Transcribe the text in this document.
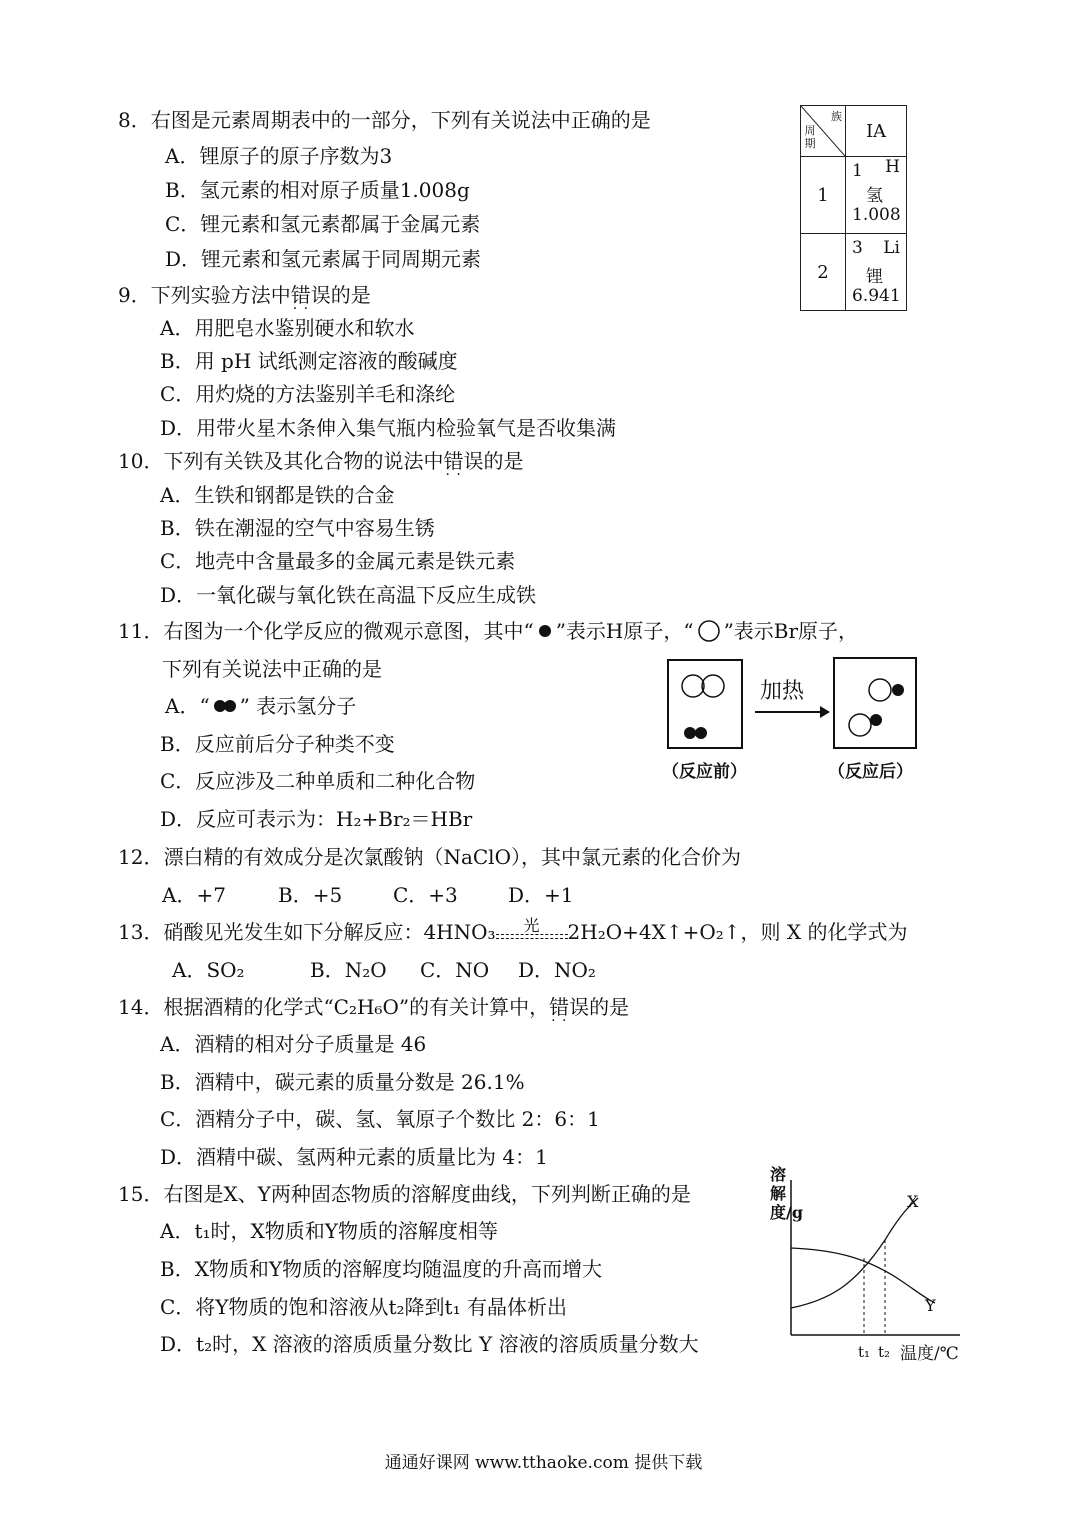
8．右图是元素周期表中的一部分，下列有关说法中正确的是
A．锂原子的原子序数为3
B．氢元素的相对原子质量1.008g
C．锂元素和氢元素都属于金属元素
D．锂元素和氢元素属于同周期元素
族
周期	IA
1	1 H
氢
1.008

2	3 Li
锂
6.941
9．下列实验方法中错误 · ·的是
A．用肥皂水鉴别硬水和软水
B．用 pH 试纸测定溶液的酸碱度
C．用灼烧的方法鉴别羊毛和涤纶
D．用带火星木条伸入集气瓶内检验氧气是否收集满
10．下列有关铁及其化合物的说法中错误 · ·的是
A．生铁和钢都是铁的合金
B．铁在潮湿的空气中容易生锈
C．地壳中含量最多的金属元素是铁元素
D．一氧化碳与氧化铁在高温下反应生成铁
11．右图为一个化学反应的微观示意图，其中“ ”表示H原子，“ ”表示Br原子，
下列有关说法中正确的是
A．“ ” 表示氢分子
B．反应前后分子种类不变
C．反应涉及二种单质和二种化合物
D．反应可表示为：H₂+Br₂＝HBr
加热
（反应前）	（反应后）
12．漂白精的有效成分是次氯酸钠（NaClO），其中氯元素的化合价为
A．+7	B．+5	C．+3	D．+1
13．硝酸见光发生如下分解反应：4HNO₃	光	2H₂O+4X↑+O₂↑，则 X 的化学式为
A．SO₂	B．N₂O C．NO D．NO₂
14．根据酒精的化学式“C₂H₆O”的有关计算中，错误 · ·的是
A．酒精的相对分子质量是 46
B．酒精中，碳元素的质量分数是 26.1%
C．酒精分子中，碳、氢、氧原子个数比 2：6：1
D．酒精中碳、氢两种元素的质量比为 4：1
15．右图是X、Y两种固态物质的溶解度曲线，下列判断正确的是
A．t₁时，X物质和Y物质的溶解度相等
B．X物质和Y物质的溶解度均随温度的升高而增大
C．将Y物质的饱和溶液从t₂降到t₁ 有晶体析出
D．t₂时，X 溶液的溶质质量分数比 Y 溶液的溶质质量分数大
溶解度/g
X
Y
t₁ t₂ 温度/℃
通通好课网 www.tthaoke.com 提供下载
